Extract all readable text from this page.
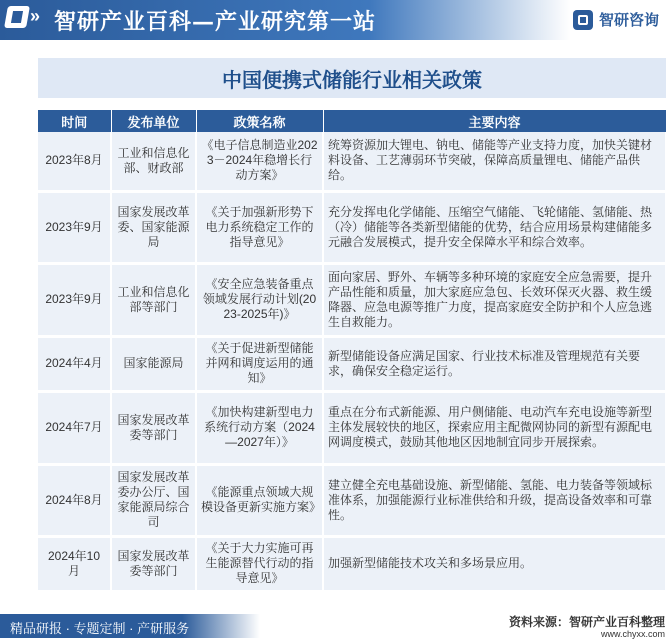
» 智研产业百科—产业研究第一站	智研咨询
中国便携式储能行业相关政策
时间	发布单位	政策名称	主要内容
2023年8月	工业和信息化部、财政部	《电子信息制造业2023－2024年稳增长行动方案》	统筹资源加大锂电、钠电、储能等产业支持力度，加快关键材料设备、工艺薄弱环节突破，保障高质量锂电、储能产品供给。
2023年9月	国家发展改革委、国家能源局	《关于加强新形势下电力系统稳定工作的指导意见》	充分发挥电化学储能、压缩空气储能、飞轮储能、氢储能、热（冷）储能等各类新型储能的优势，结合应用场景构建储能多元融合发展模式，提升安全保障水平和综合效率。
2023年9月	工业和信息化部等部门	《安全应急装备重点领域发展行动计划(2023-2025年)》	面向家居、野外、车辆等多种环境的家庭安全应急需要，提升产品性能和质量，加大家庭应急包、长效环保灭火器、救生缓降器、应急电源等推广力度，提高家庭安全防护和个人应急逃生自救能力。
2024年4月	国家能源局	《关于促进新型储能并网和调度运用的通知》	新型储能设备应满足国家、行业技术标准及管理规范有关要求，确保安全稳定运行。
2024年7月	国家发展改革委等部门	《加快构建新型电力系统行动方案（2024—2027年）》	重点在分布式新能源、用户侧储能、电动汽车充电设施等新型主体发展较快的地区，探索应用主配微网协同的新型有源配电网调度模式，鼓励其他地区因地制宜同步开展探索。
2024年8月	国家发展改革委办公厅、国家能源局综合司	《能源重点领域大规模设备更新实施方案》	建立健全充电基础设施、新型储能、氢能、电力装备等领域标准体系，加强能源行业标准供给和升级，提高设备效率和可靠性。
2024年10月	国家发展改革委等部门	《关于大力实施可再生能源替代行动的指导意见》	加强新型储能技术攻关和多场景应用。
精品研报 · 专题定制 · 产研服务	资料来源：智研产业百科整理
www.chyxx.com
